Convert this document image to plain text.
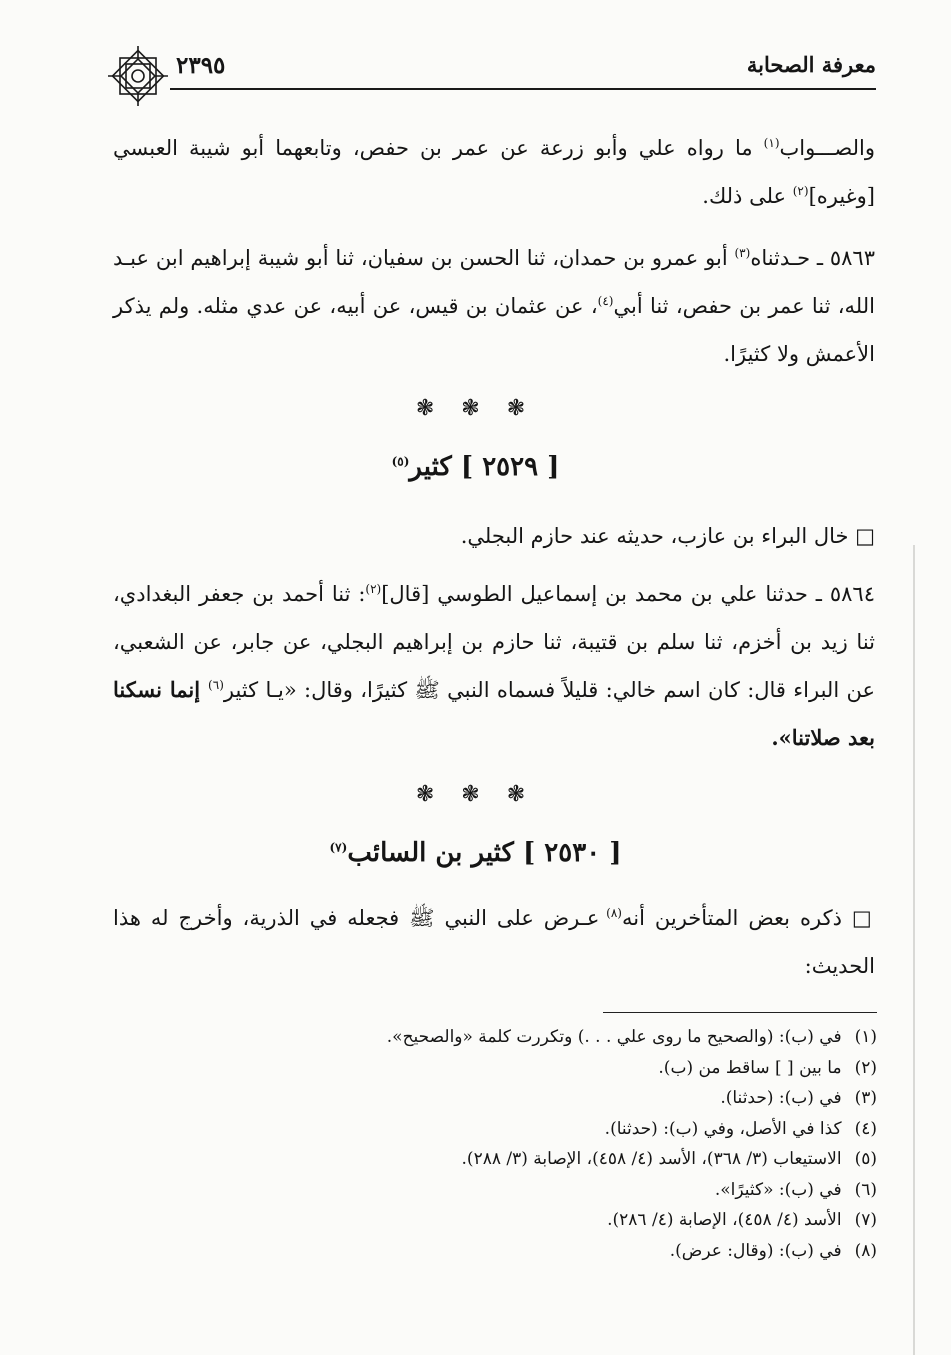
معرفة الصحابة
٢٣٩٥

والصـــواب$^{(١)}$ ما رواه علي وأبو زرعة عن عمر بن حفص، وتابعهما أبو شيبة العبسي [وغيره]$^{(٢)}$ على ذلك.

٥٨٦٣ ـ حـدثناه$^{(٣)}$ أبو عمرو بن حمدان، ثنا الحسن بن سفيان، ثنا أبو شيبة إبراهيم ابن عبـد الله، ثنا عمر بن حفص، ثنا أبي$^{(٤)}$، عن عثمان بن قيس، عن أبيه، عن عدي مثله. ولم يذكر الأعمش ولا كثيرًا.

❃ ❃ ❃
[ ٢٥٢٩ ] كثير$^{(٥)}$

□ خال البراء بن عازب، حديثه عند حازم البجلي.

٥٨٦٤ ـ حدثنا علي بن محمد بن إسماعيل الطوسي [قال]$^{(٢)}$: ثنا أحمد بن جعفر البغدادي، ثنا زيد بن أخزم، ثنا سلم بن قتيبة، ثنا حازم بن إبراهيم البجلي، عن جابر، عن الشعبي، عن البراء قال: كان اسم خالي: قليلاً فسماه النبي ﷺ كثيرًا، وقال: «يـا كثير$^{(٦)}$ إنما نسكنا بعد صلاتنا».

❃ ❃ ❃
[ ٢٥٣٠ ] كثير بن السائب$^{(٧)}$

□ ذكره بعض المتأخرين أنه$^{(٨)}$ عـرض على النبي ﷺ فجعله في الذرية، وأخرج له هذا الحديث:

(١) في (ب): (والصحيح ما روى علي . . .) وتكررت كلمة «والصحيح».

(٢) ما بين [ ] ساقط من (ب).

(٣) في (ب): (حدثنا).

(٤) كذا في الأصل، وفي (ب): (حدثنا).

(٥) الاستيعاب (٣/ ٣٦٨)، الأسد (٤/ ٤٥٨)، الإصابة (٣/ ٢٨٨).

(٦) في (ب): «كثيرًا».

(٧) الأسد (٤/ ٤٥٨)، الإصابة (٤/ ٢٨٦).

(٨) في (ب): (وقال: عرض).
